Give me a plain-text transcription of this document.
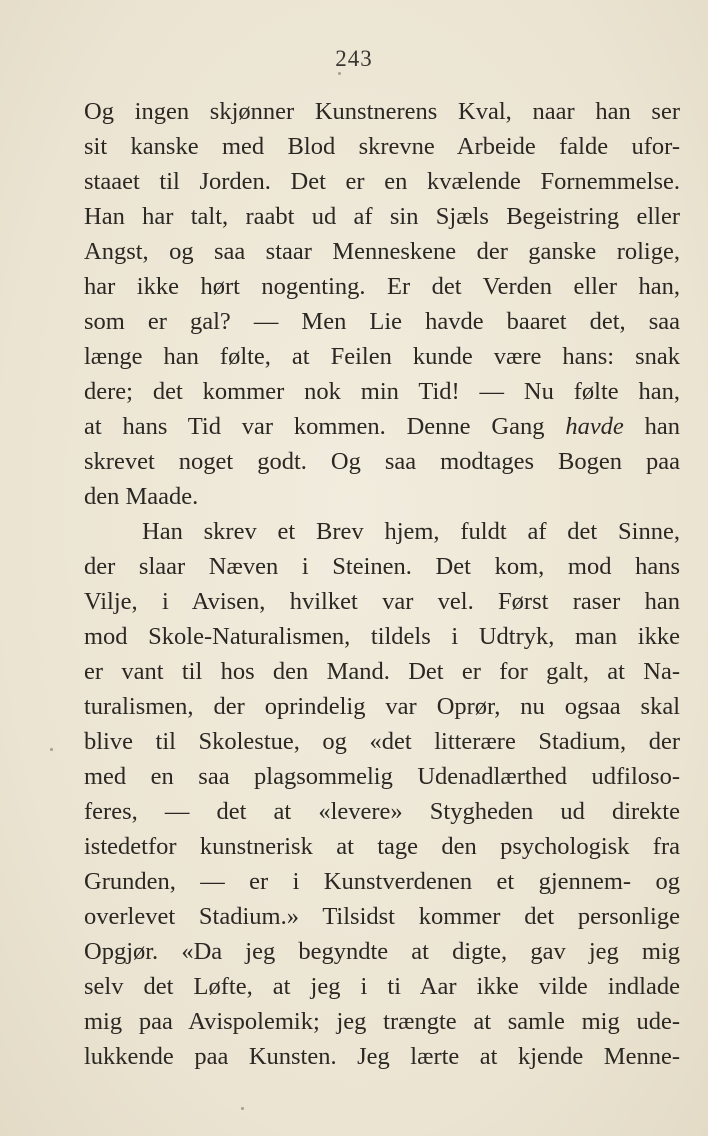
243
Og ingen skjønner Kunstnerens Kval, naar han ser
sit kanske med Blod skrevne Arbeide falde ufor-
staaet til Jorden. Det er en kvælende Fornemmelse.
Han har talt, raabt ud af sin Sjæls Begeistring eller
Angst, og saa staar Menneskene der ganske rolige,
har ikke hørt nogenting. Er det Verden eller han,
som er gal? — Men Lie havde baaret det, saa
længe han følte, at Feilen kunde være hans: snak
dere; det kommer nok min Tid! — Nu følte han,
at hans Tid var kommen. Denne Gang havde han
skrevet noget godt. Og saa modtages Bogen paa
den Maade.
Han skrev et Brev hjem, fuldt af det Sinne,
der slaar Næven i Steinen. Det kom, mod hans
Vilje, i Avisen, hvilket var vel. Først raser han
mod Skole-Naturalismen, tildels i Udtryk, man ikke
er vant til hos den Mand. Det er for galt, at Na-
turalismen, der oprindelig var Oprør, nu ogsaa skal
blive til Skolestue, og «det litterære Stadium, der
med en saa plagsommelig Udenadlærthed udfiloso-
feres, — det at «levere» Stygheden ud direkte
istedetfor kunstnerisk at tage den psychologisk fra
Grunden, — er i Kunstverdenen et gjennem- og
overlevet Stadium.» Tilsidst kommer det personlige
Opgjør. «Da jeg begyndte at digte, gav jeg mig
selv det Løfte, at jeg i ti Aar ikke vilde indlade
mig paa Avispolemik; jeg trængte at samle mig ude-
lukkende paa Kunsten. Jeg lærte at kjende Menne-
